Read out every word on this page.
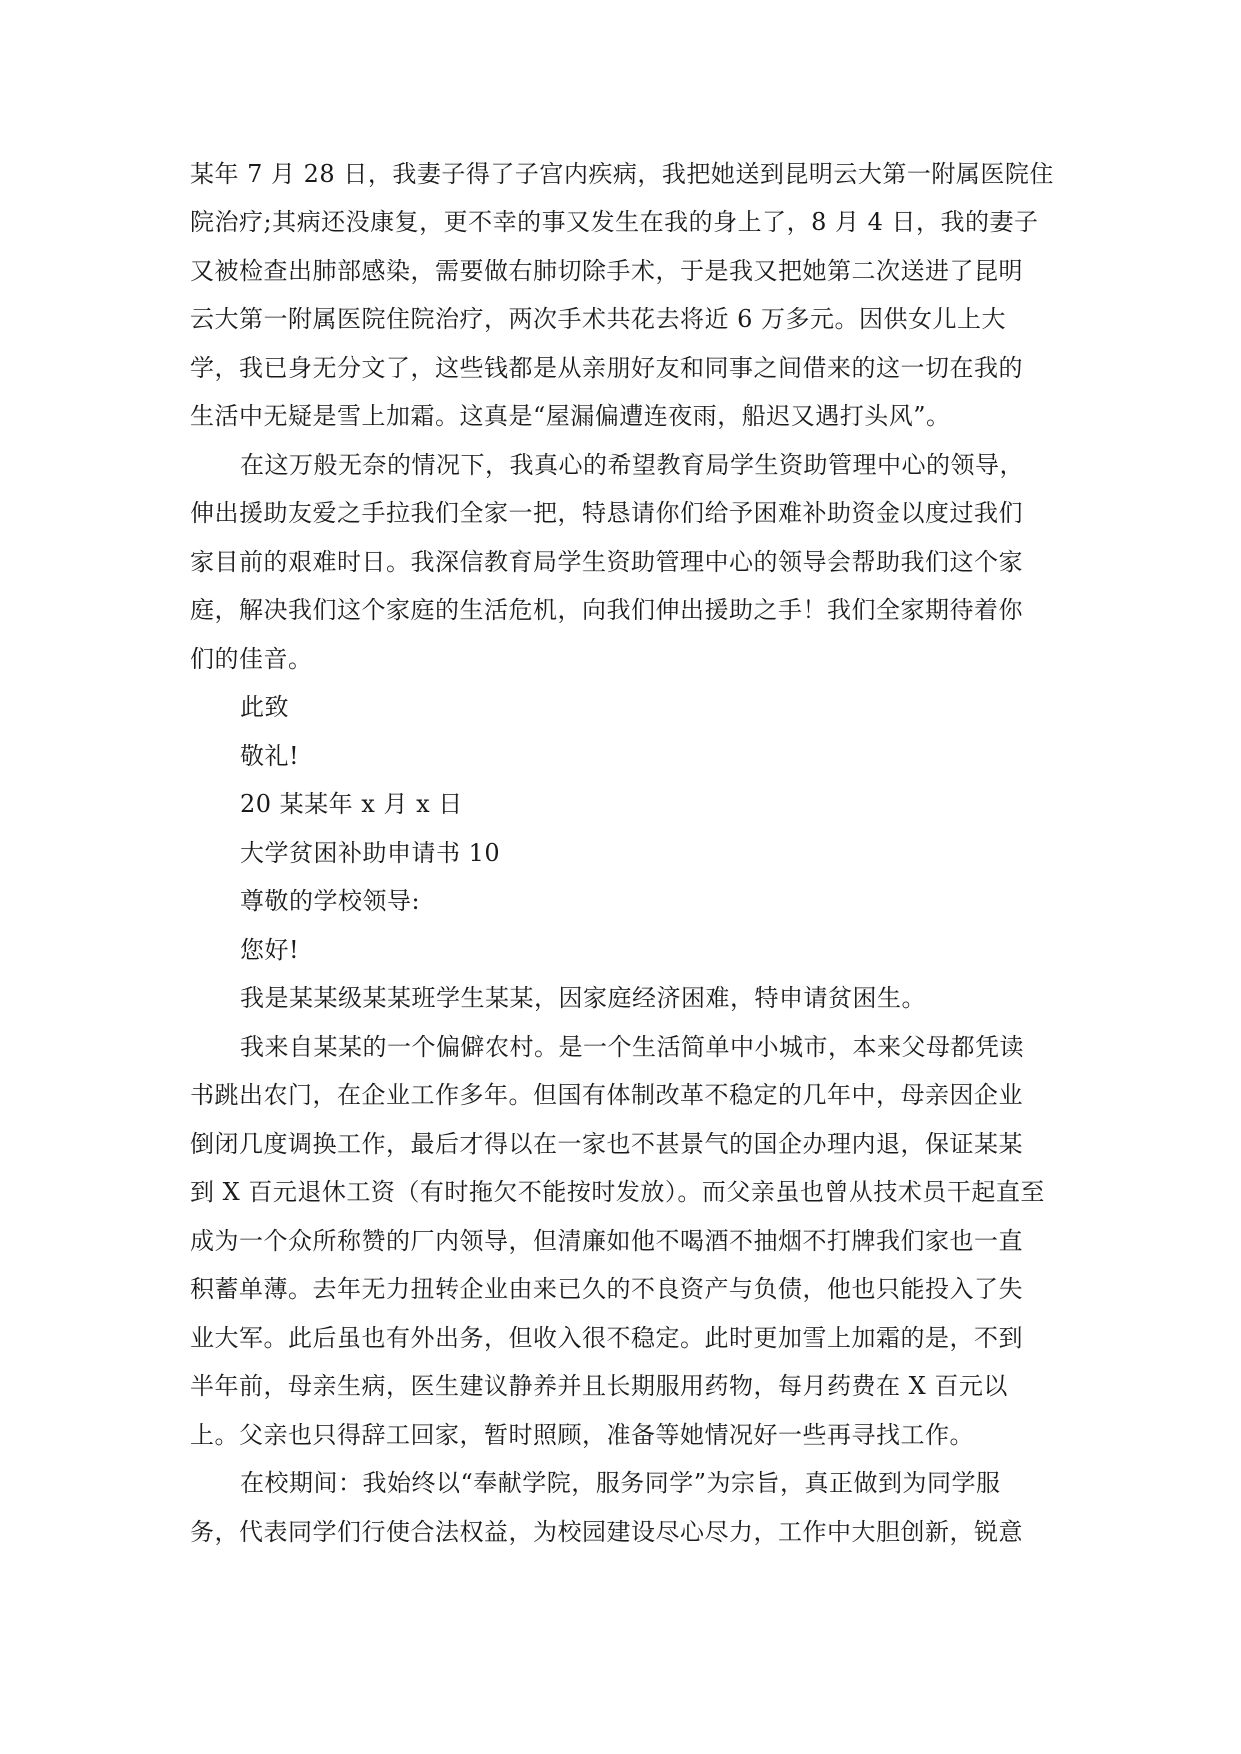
某年 7 月 28 日，我妻子得了子宫内疾病，我把她送到昆明云大第一附属医院住
院治疗;其病还没康复，更不幸的事又发生在我的身上了，8 月 4 日，我的妻子
又被检查出肺部感染，需要做右肺切除手术，于是我又把她第二次送进了昆明
云大第一附属医院住院治疗，两次手术共花去将近 6 万多元。因供女儿上大
学，我已身无分文了，这些钱都是从亲朋好友和同事之间借来的这一切在我的
生活中无疑是雪上加霜。这真是“屋漏偏遭连夜雨，船迟又遇打头风”。
在这万般无奈的情况下，我真心的希望教育局学生资助管理中心的领导，
伸出援助友爱之手拉我们全家一把，特恳请你们给予困难补助资金以度过我们
家目前的艰难时日。我深信教育局学生资助管理中心的领导会帮助我们这个家
庭，解决我们这个家庭的生活危机，向我们伸出援助之手！我们全家期待着你
们的佳音。
此致
敬礼!
20 某某年 x 月 x 日
大学贫困补助申请书 10
尊敬的学校领导:
您好!
我是某某级某某班学生某某，因家庭经济困难，特申请贫困生。
我来自某某的一个偏僻农村。是一个生活简单中小城市，本来父母都凭读
书跳出农门，在企业工作多年。但国有体制改革不稳定的几年中，母亲因企业
倒闭几度调换工作，最后才得以在一家也不甚景气的国企办理内退，保证某某
到 X 百元退休工资（有时拖欠不能按时发放）。而父亲虽也曾从技术员干起直至
成为一个众所称赞的厂内领导，但清廉如他不喝酒不抽烟不打牌我们家也一直
积蓄单薄。去年无力扭转企业由来已久的不良资产与负债，他也只能投入了失
业大军。此后虽也有外出务，但收入很不稳定。此时更加雪上加霜的是，不到
半年前，母亲生病，医生建议静养并且长期服用药物，每月药费在 X 百元以
上。父亲也只得辞工回家，暂时照顾，准备等她情况好一些再寻找工作。
在校期间：我始终以“奉献学院，服务同学”为宗旨，真正做到为同学服
务，代表同学们行使合法权益，为校园建设尽心尽力，工作中大胆创新，锐意
